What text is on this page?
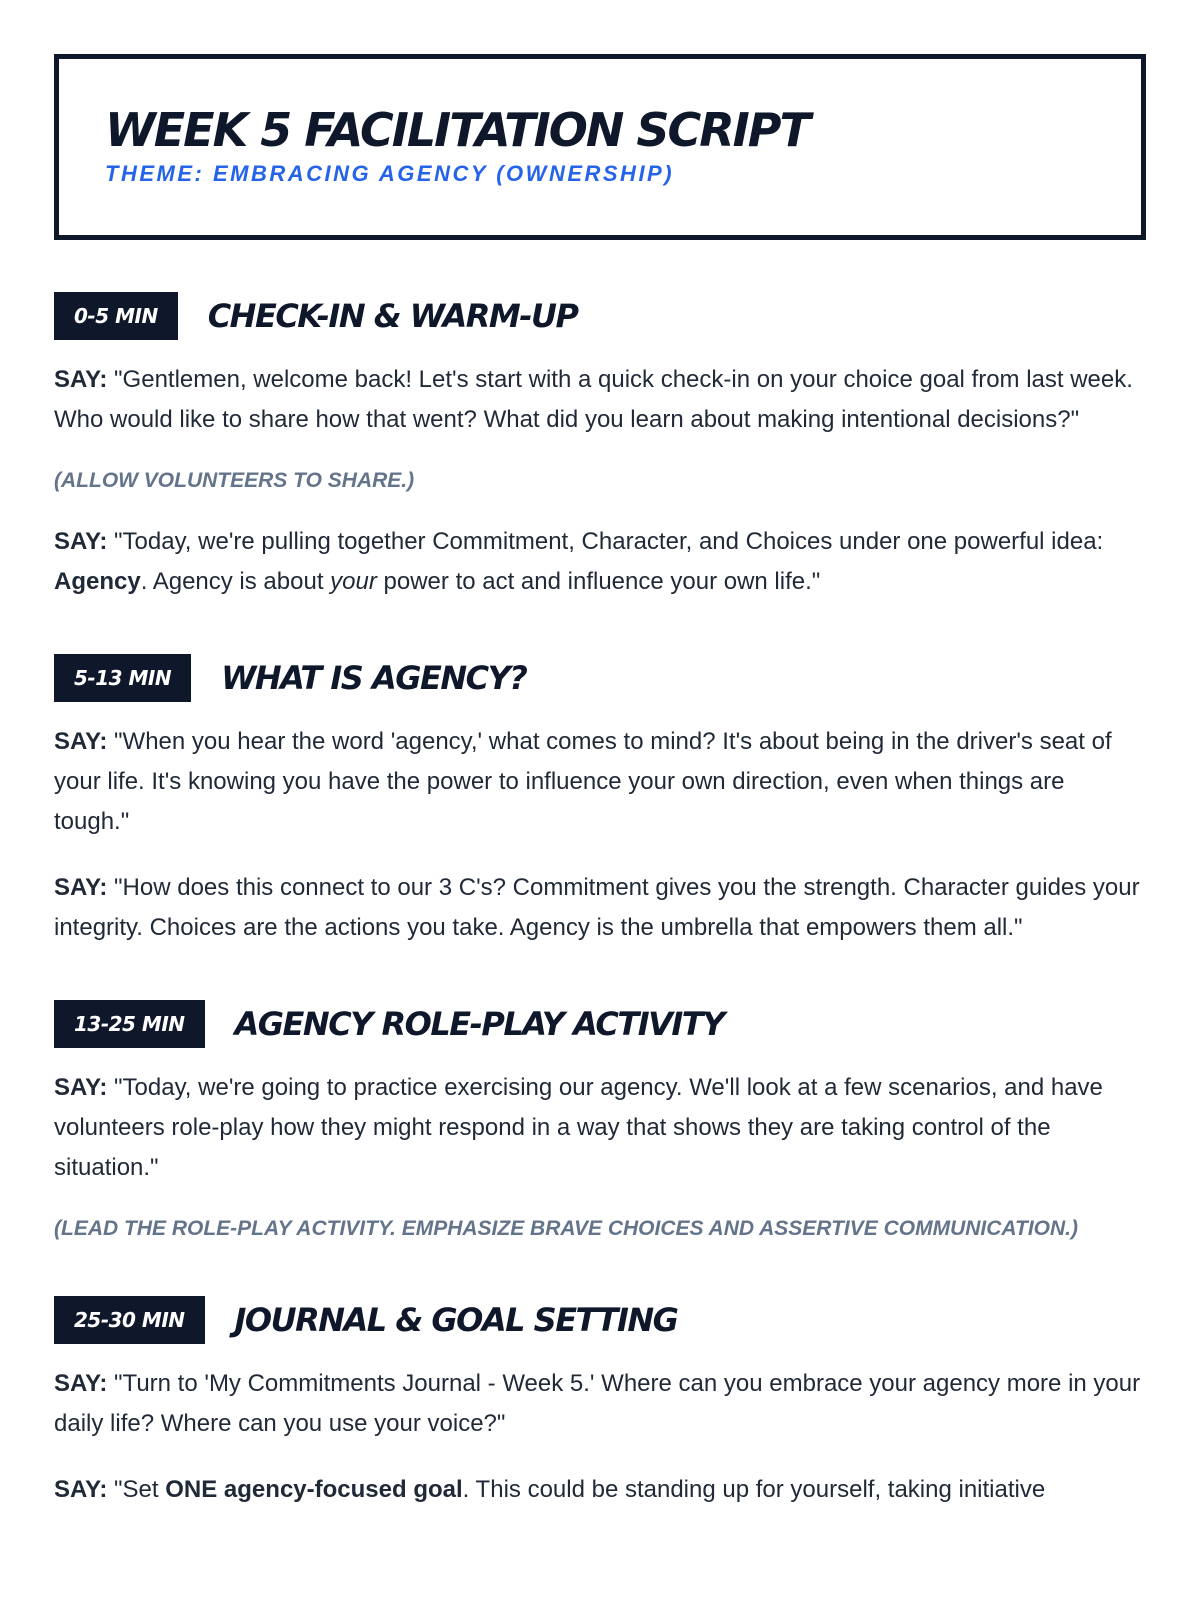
WEEK 5 FACILITATION SCRIPT
THEME: EMBRACING AGENCY (OWNERSHIP)
0-5 MIN	CHECK-IN & WARM-UP

SAY: "Gentlemen, welcome back! Let's start with a quick check-in on your choice goal from last week. Who would like to share how that went? What did you learn about making intentional decisions?"

(ALLOW VOLUNTEERS TO SHARE.)

SAY: "Today, we're pulling together Commitment, Character, and Choices under one powerful idea: Agency. Agency is about your power to act and influence your own life."

5-13 MIN	WHAT IS AGENCY?

SAY: "When you hear the word 'agency,' what comes to mind? It's about being in the driver's seat of your life. It's knowing you have the power to influence your own direction, even when things are tough."

SAY: "How does this connect to our 3 C's? Commitment gives you the strength. Character guides your integrity. Choices are the actions you take. Agency is the umbrella that empowers them all."

13-25 MIN	AGENCY ROLE-PLAY ACTIVITY

SAY: "Today, we're going to practice exercising our agency. We'll look at a few scenarios, and have volunteers role-play how they might respond in a way that shows they are taking control of the situation."

(LEAD THE ROLE-PLAY ACTIVITY. EMPHASIZE BRAVE CHOICES AND ASSERTIVE COMMUNICATION.)

25-30 MIN	JOURNAL & GOAL SETTING

SAY: "Turn to 'My Commitments Journal - Week 5.' Where can you embrace your agency more in your daily life? Where can you use your voice?"

SAY: "Set ONE agency-focused goal. This could be standing up for yourself, taking initiative
